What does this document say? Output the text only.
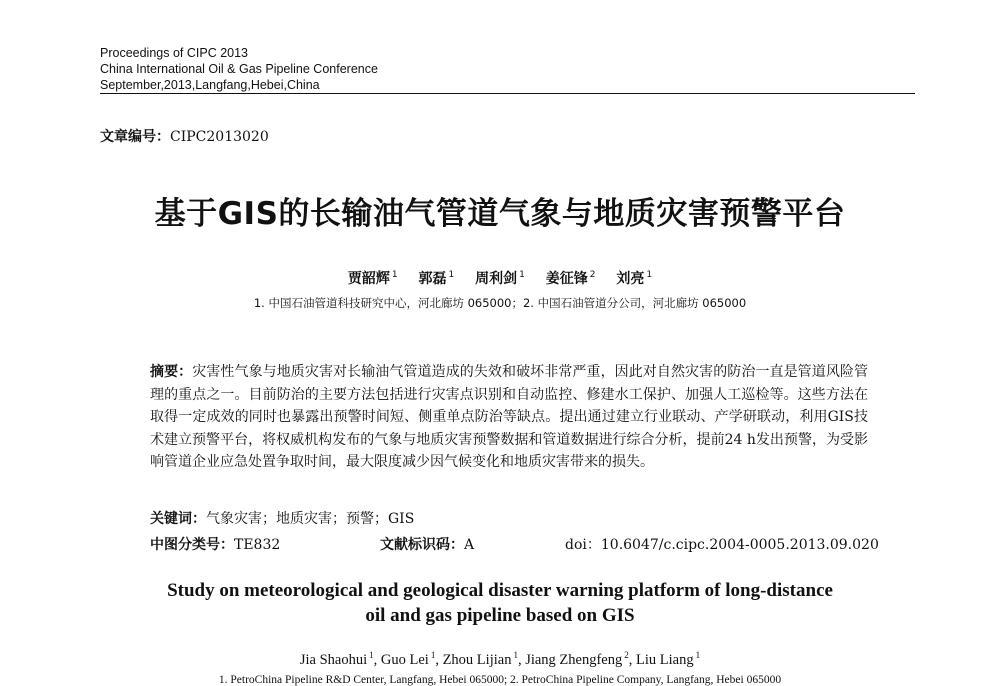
Proceedings of CIPC 2013
China International Oil & Gas Pipeline Conference
September,2013,Langfang,Hebei,China
文章编号：CIPC2013020
基于GIS的长输油气管道气象与地质灾害预警平台
贾韶辉 $^1$ 郭磊 $^1$ 周利剑 $^1$ 姜征锋 $^2$ 刘亮 $^1$
1. 中国石油管道科技研究中心，河北廊坊 065000；2. 中国石油管道分公司，河北廊坊 065000
摘要：灾害性气象与地质灾害对长输油气管道造成的失效和破坏非常严重，因此对自然灾害的防治一直是管道风险管理的重点之一。目前防治的主要方法包括进行灾害点识别和自动监控、修建水工保护、加强人工巡检等。这些方法在取得一定成效的同时也暴露出预警时间短、侧重单点防治等缺点。提出通过建立行业联动、产学研联动，利用GIS技术建立预警平台，将权威机构发布的气象与地质灾害预警数据和管道数据进行综合分析，提前24 h发出预警，为受影响管道企业应急处置争取时间，最大限度减少因气候变化和地质灾害带来的损失。
关键词：气象灾害；地质灾害；预警；GIS
中图分类号：TE832	文献标识码：A	doi：10.6047/c.cipc.2004-0005.2013.09.020
Study on meteorological and geological disaster warning platform of long-distance
oil and gas pipeline based on GIS
Jia Shaohui $^1$, Guo Lei $^1$, Zhou Lijian $^1$, Jiang Zhengfeng $^2$, Liu Liang $^1$
1. PetroChina Pipeline R&D Center, Langfang, Hebei 065000; 2. PetroChina Pipeline Company, Langfang, Hebei 065000
